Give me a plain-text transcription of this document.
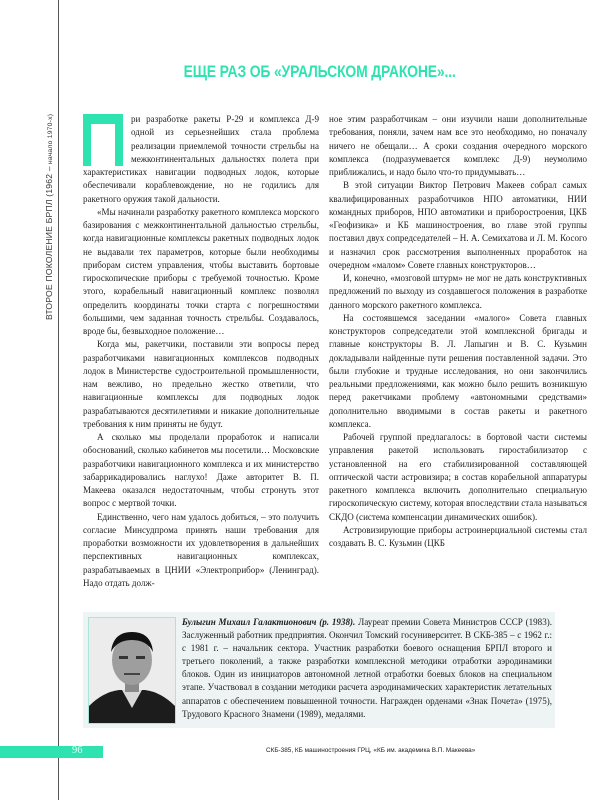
ВТОРОЕ ПОКОЛЕНИЕ БРПЛ (1962 – начало 1970-х)
ЕЩЕ РАЗ ОБ «УРАЛЬСКОМ ДРАКОНЕ»...

ри разработке ракеты Р-29 и комплекса Д-9 одной из серьезнейших стала проблема реализации приемлемой точности стрельбы на межконтинентальных дальностях полета при характеристиках навигации подводных лодок, которые обеспечивали кораблевождение, но не годились для ракетного оружия такой дальности.

«Мы начинали разработку ракетного комплекса морского базирования с межконтинентальной дальностью стрельбы, когда навигационные комплексы ракетных подводных лодок не выдавали тех параметров, которые были необходимы приборам систем управления, чтобы выставить бортовые гироскопические приборы с требуемой точностью. Кроме этого, корабельный навигационный комплекс позволял определить координаты точки старта с погрешностями большими, чем заданная точность стрельбы. Создавалось, вроде бы, безвыходное положение…

Когда мы, ракетчики, поставили эти вопросы перед разработчиками навигационных комплексов подводных лодок в Министерстве судостроительной промышленности, нам вежливо, но предельно жестко ответили, что навигационные комплексы для подводных лодок разрабатываются десятилетиями и никакие дополнительные требования к ним приняты не будут.

А сколько мы проделали проработок и написали обоснований, сколько кабинетов мы посетили… Московские разработчики навигационного комплекса и их министерство забаррикадировались наглухо! Даже авторитет В. П. Макеева оказался недостаточным, чтобы стронуть этот вопрос с мертвой точки.

Единственно, чего нам удалось добиться, – это получить согласие Минсудпрома принять наши требования для проработки возможности их удовлетворения в дальнейших перспективных навигационных комплексах, разрабатываемых в ЦНИИ «Электроприбор» (Ленинград). Надо отдать долж-

ное этим разработчикам – они изучили наши дополнительные требования, поняли, зачем нам все это необходимо, но поначалу ничего не обещали… А сроки создания очередного морского комплекса (подразумевается комплекс Д-9) неумолимо приближались, и надо было что-то придумывать…

В этой ситуации Виктор Петрович Макеев собрал самых квалифицированных разработчиков НПО автоматики, НИИ командных приборов, НПО автоматики и приборостроения, ЦКБ «Геофизика» и КБ машиностроения, во главе этой группы поставил двух сопредседателей – Н. А. Семихатова и Л. М. Косого и назначил срок рассмотрения выполненных проработок на очередном «малом» Совете главных конструкторов…

И, конечно, «мозговой штурм» не мог не дать конструктивных предложений по выходу из создавшегося положения в разработке данного морского ракетного комплекса.

На состоявшемся заседании «малого» Совета главных конструкторов сопредседатели этой комплексной бригады и главные конструкторы В. Л. Лапыгин и В. С. Кузьмин докладывали найденные пути решения поставленной задачи. Это были глубокие и трудные исследования, но они закончились реальными предложениями, как можно было решить возникшую перед ракетчиками проблему «автономными средствами» дополнительно вводимыми в состав ракеты и ракетного комплекса.

Рабочей группой предлагалось: в бортовой части системы управления ракетой использовать гиростабилизатор с установленной на его стабилизированной составляющей оптической части астровизира; в состав корабельной аппаратуры ракетного комплекса включить дополнительно специальную гироскопическую систему, которая впоследствии стала называться СКДО (система компенсации динамических ошибок).

Астровизирующие приборы астроинерциальной системы стал создавать В. С. Кузьмин (ЦКБ

Булыгин Михаил Галактионович (р. 1938). Лауреат премии Совета Министров СССР (1983). Заслуженный работник предприятия. Окончил Томский госуниверситет. В СКБ-385 – с 1962 г.: с 1981 г. – начальник сектора. Участник разработки боевого оснащения БРПЛ второго и третьего поколений, а также разработки комплексной методики отработки аэродинамики блоков. Один из инициаторов автономной летной отработки боевых блоков на специальном этапе. Участвовал в создании методики расчета аэродинамических характеристик летательных аппаратов с обеспечением повышенной точности. Награжден орденами «Знак Почета» (1975), Трудового Красного Знамени (1989), медалями.
96	СКБ-385, КБ машиностроения ГРЦ, «КБ им. академика В.П. Макеева»
